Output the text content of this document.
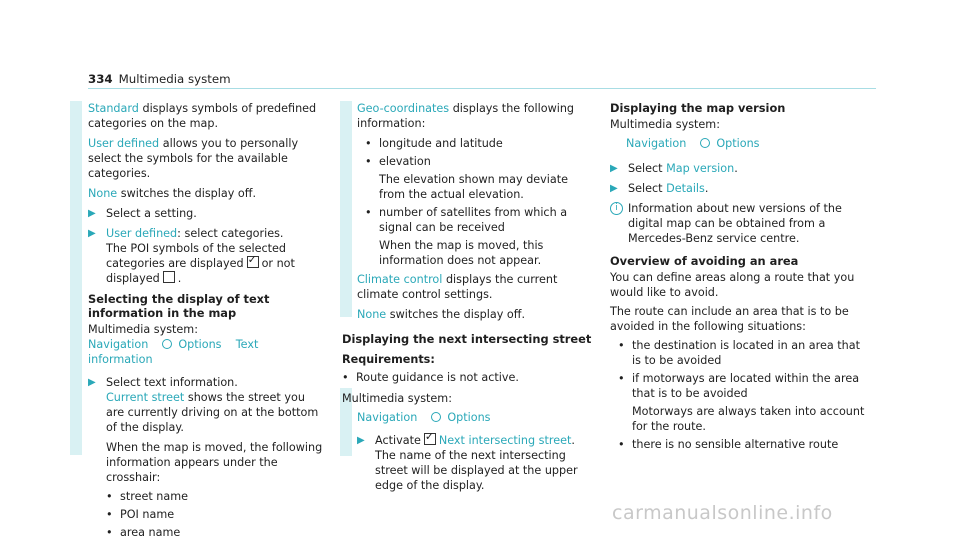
334 Multimedia system

Standard displays symbols of predefined categories on the map.

User defined allows you to personally select the symbols for the available categories.

None switches the display off.

▶ Select a setting.
▶ User defined: select categories.
The POI symbols of the selected categories are displayed ✓ or not displayed .
Selecting the display of text information in the map
Multimedia system:
Navigation	Options Text information
▶ Select text information.
Current street shows the street you are currently driving on at the bottom of the display.
When the map is moved, the following information appears under the crosshair:
• street name
• POI name
• area name

Geo-coordinates displays the following information:

• longitude and latitude
• elevation
The elevation shown may deviate from the actual elevation.
• number of satellites from which a signal can be received
When the map is moved, this information does not appear.

Climate control displays the current climate control settings.

None switches the display off.

Displaying the next intersecting street
Requirements:
• Route guidance is not active.
Multimedia system:
Navigation	Options
▶ Activate ✓ Next intersecting street.
The name of the next intersecting street will be displayed at the upper edge of the display.
Displaying the map version
Multimedia system:
Navigation	Options
▶ Select Map version.
▶ Select Details.
i Information about new versions of the digital map can be obtained from a Mercedes-Benz service centre.
Overview of avoiding an area

You can define areas along a route that you would like to avoid.

The route can include an area that is to be avoided in the following situations:

• the destination is located in an area that is to be avoided
• if motorways are located within the area that is to be avoided
Motorways are always taken into account for the route.
• there is no sensible alternative route
carmanualsonline.info
